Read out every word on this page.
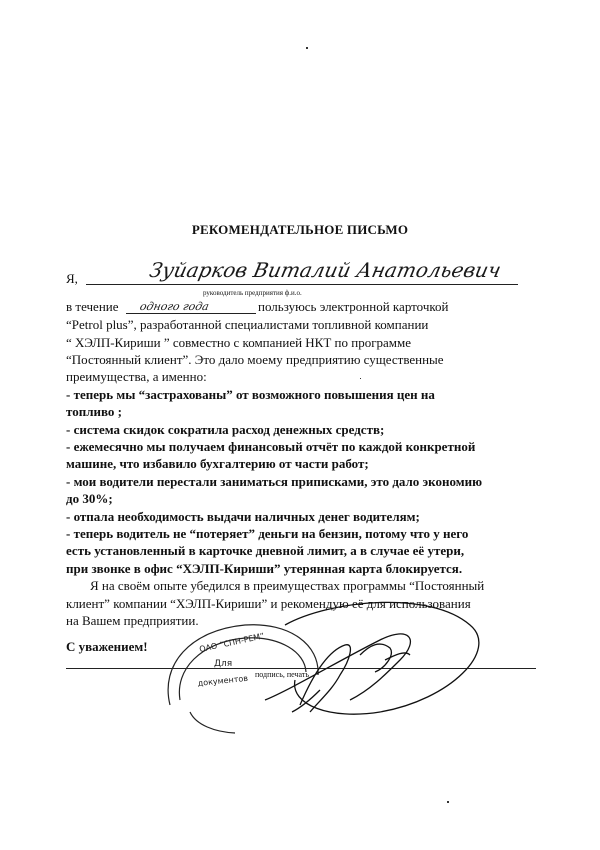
РЕКОМЕНДАТЕЛЬНОЕ ПИСЬМО
Я,	Зуйарков Виталий Анатольевич
руководитель предприятия ф.и.о.
в течение одного года	пользуюсь электронной карточкой
“Petrol plus”, разработанной специалистами топливной компании
“ ХЭЛП-Кириши ” совместно с компанией НКТ по программе
“Постоянный клиент”. Это дало моему предприятию существенные
преимущества, а именно:
- теперь мы “застрахованы” от возможного повышения цен на
топливо ;
- система скидок сократила расход денежных средств;
- ежемесячно мы получаем финансовый отчёт по каждой конкретной
машине, что избавило бухгалтерию от части работ;
- мои водители перестали заниматься приписками, это дало экономию
до 30%;
- отпала необходимость выдачи наличных денег водителям;
- теперь водитель не “потеряет” деньги на бензин, потому что у него
есть установленный в карточке дневной лимит, а в случае её утери,
при звонке в офис “ХЭЛП-Кириши” утерянная карта блокируется.
Я на своём опыте убедился в преимуществах программы “Постоянный
клиент” компании “ХЭЛП-Кириши” и рекомендую её для использования
на Вашем предприятии.
С уважением!
подпись, печать
ОАО “СПН-РЕМ”
Для
документов
